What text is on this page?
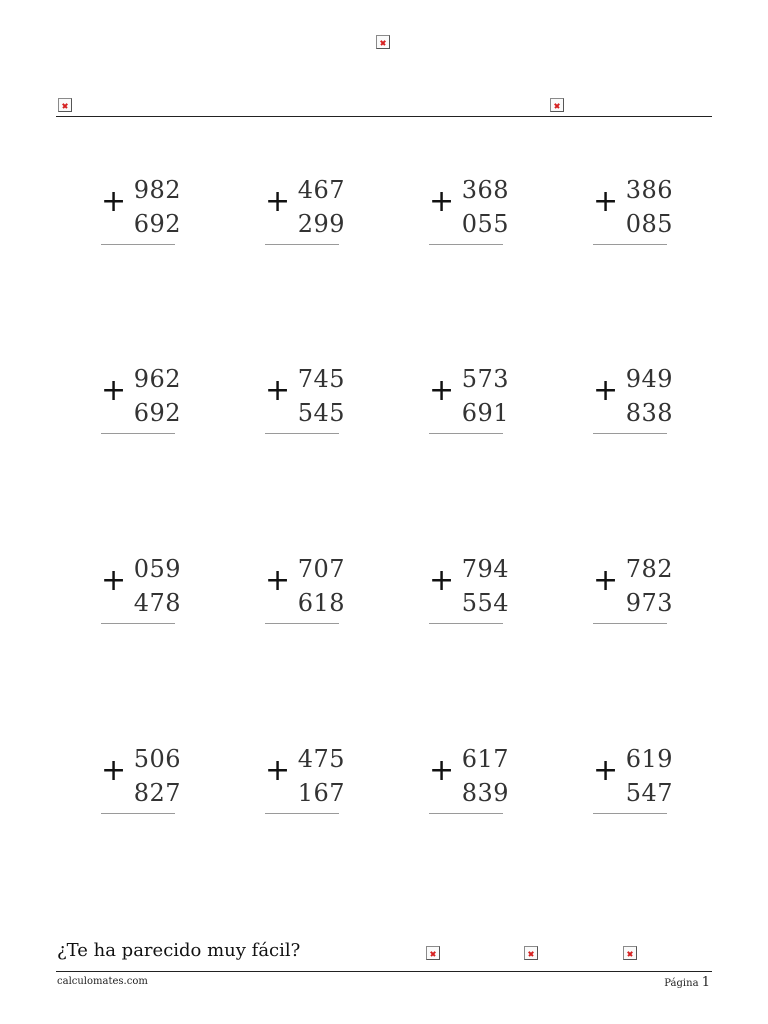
+ 982
692
+ 467
299
+ 368
055
+ 386
085
+ 962
692
+ 745
545
+ 573
691
+ 949
838
+ 059
478
+ 707
618
+ 794
554
+ 782
973
+ 506
827
+ 475
167
+ 617
839
+ 619
547
¿Te ha parecido muy fácil?
calculomates.com	Página 1
